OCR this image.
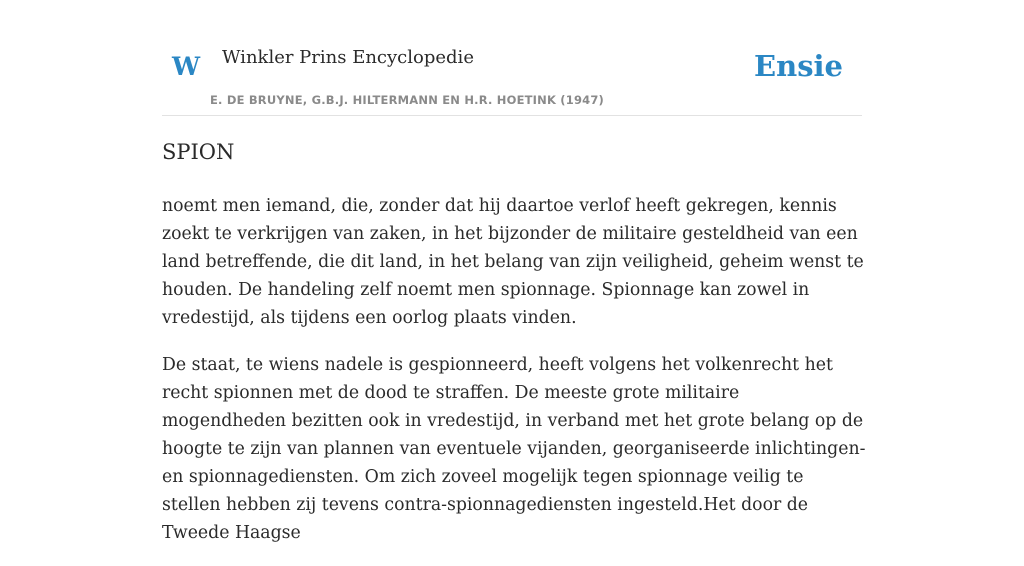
W Winkler Prins Encyclopedie
E. DE BRUYNE, G.B.J. HILTERMANN EN H.R. HOETINK (1947)
Ensie
SPION

noemt men iemand, die, zonder dat hij daartoe verlof heeft gekregen, kennis zoekt te verkrijgen van zaken, in het bijzonder de militaire gesteldheid van een land betreffende, die dit land, in het belang van zijn veiligheid, geheim wenst te houden. De handeling zelf noemt men spionnage. Spionnage kan zowel in vredestijd, als tijdens een oorlog plaats vinden.

De staat, te wiens nadele is gespionneerd, heeft volgens het volkenrecht het recht spionnen met de dood te straffen. De meeste grote militaire mogendheden bezitten ook in vredestijd, in verband met het grote belang op de hoogte te zijn van plannen van eventuele vijanden, georganiseerde inlichtingen- en spionnagediensten. Om zich zoveel mogelijk tegen spionnage veilig te stellen hebben zij tevens contra-spionnagediensten ingesteld.Het door de Tweede Haagse
